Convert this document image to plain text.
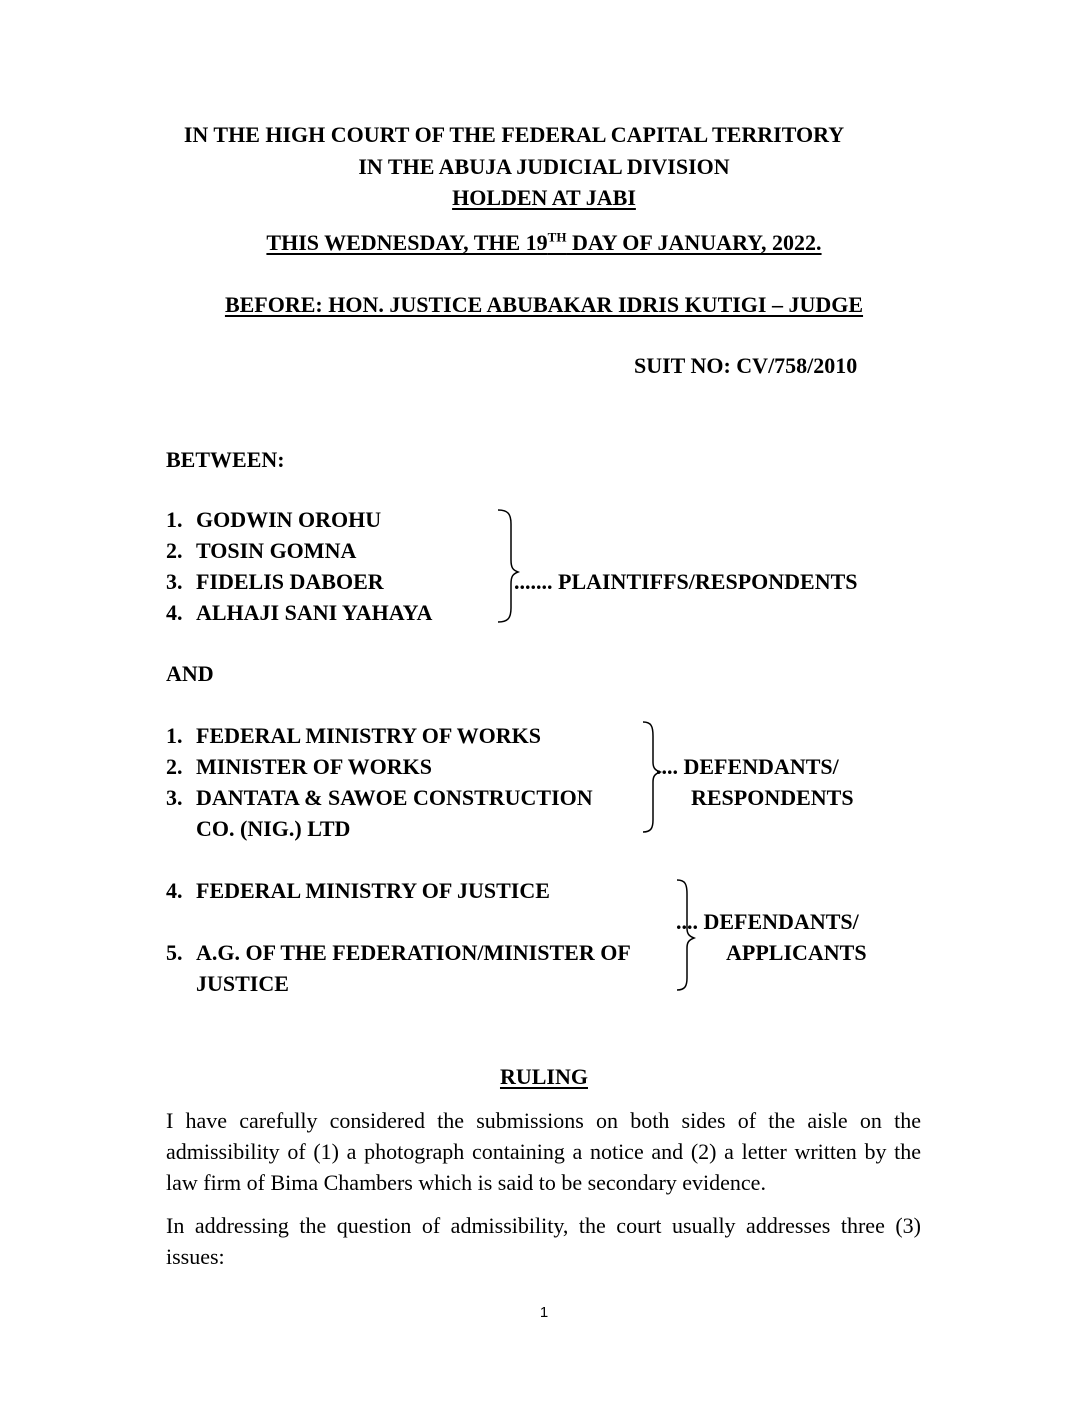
IN THE HIGH COURT OF THE FEDERAL CAPITAL TERRITORY
IN THE ABUJA JUDICIAL DIVISION
HOLDEN AT JABI
THIS WEDNESDAY, THE 19TH DAY OF JANUARY, 2022.
BEFORE: HON. JUSTICE ABUBAKAR IDRIS KUTIGI – JUDGE
SUIT NO: CV/758/2010
BETWEEN:
1. GODWIN OROHU
2. TOSIN GOMNA
3. FIDELIS DABOER
4. ALHAJI SANI YAHAYA
....... PLAINTIFFS/RESPONDENTS
AND
1. FEDERAL MINISTRY OF WORKS
2. MINISTER OF WORKS
3. DANTATA & SAWOE CONSTRUCTION
CO. (NIG.) LTD
.... DEFENDANTS/
RESPONDENTS
4. FEDERAL MINISTRY OF JUSTICE
5. A.G. OF THE FEDERATION/MINISTER OF
JUSTICE
.... DEFENDANTS/
APPLICANTS
RULING
I have carefully considered the submissions on both sides of the aisle on the admissibility of (1) a photograph containing a notice and (2) a letter written by the law firm of Bima Chambers which is said to be secondary evidence.
In addressing the question of admissibility, the court usually addresses three (3) issues:
1
